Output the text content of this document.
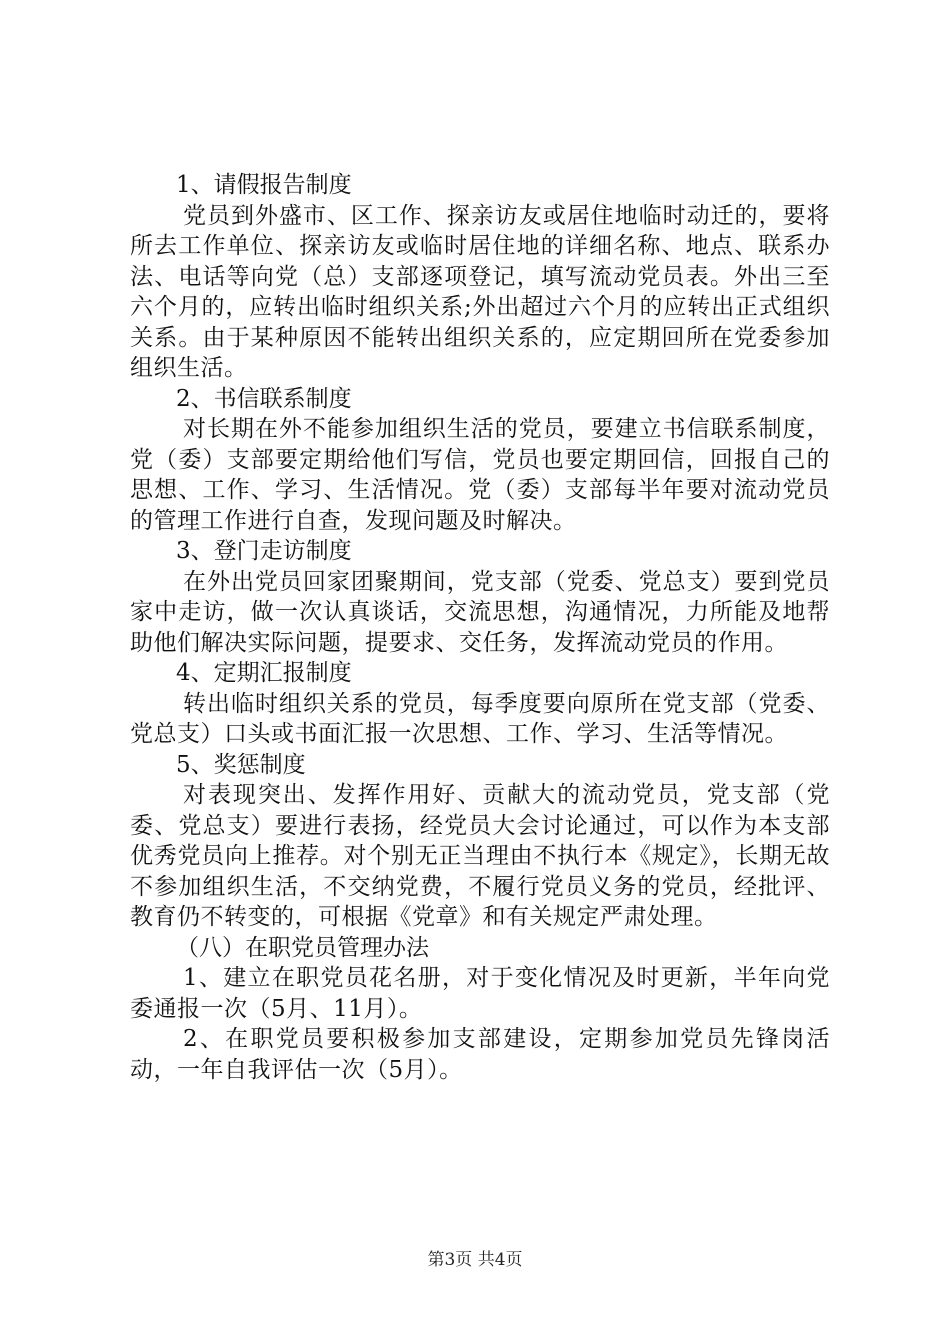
1、请假报告制度

党员到外盛市、区工作、探亲访友或居住地临时动迁的，要将所去工作单位、探亲访友或临时居住地的详细名称、地点、联系办法、电话等向党（总）支部逐项登记，填写流动党员表。外出三至六个月的，应转出临时组织关系;外出超过六个月的应转出正式组织关系。由于某种原因不能转出组织关系的，应定期回所在党委参加组织生活。

2、书信联系制度

对长期在外不能参加组织生活的党员，要建立书信联系制度，党（委）支部要定期给他们写信，党员也要定期回信，回报自己的思想、工作、学习、生活情况。党（委）支部每半年要对流动党员的管理工作进行自查，发现问题及时解决。

3、登门走访制度

在外出党员回家团聚期间，党支部（党委、党总支）要到党员家中走访，做一次认真谈话，交流思想，沟通情况，力所能及地帮助他们解决实际问题，提要求、交任务，发挥流动党员的作用。

4、定期汇报制度

转出临时组织关系的党员，每季度要向原所在党支部（党委、党总支）口头或书面汇报一次思想、工作、学习、生活等情况。

5、奖惩制度

对表现突出、发挥作用好、贡献大的流动党员，党支部（党委、党总支）要进行表扬，经党员大会讨论通过，可以作为本支部优秀党员向上推荐。对个别无正当理由不执行本《规定》，长期无故不参加组织生活，不交纳党费，不履行党员义务的党员，经批评、教育仍不转变的，可根据《党章》和有关规定严肃处理。

（八）在职党员管理办法

1、建立在职党员花名册，对于变化情况及时更新，半年向党委通报一次（5月、11月）。

2、在职党员要积极参加支部建设，定期参加党员先锋岗活动，一年自我评估一次（5月）。

第3页 共4页
